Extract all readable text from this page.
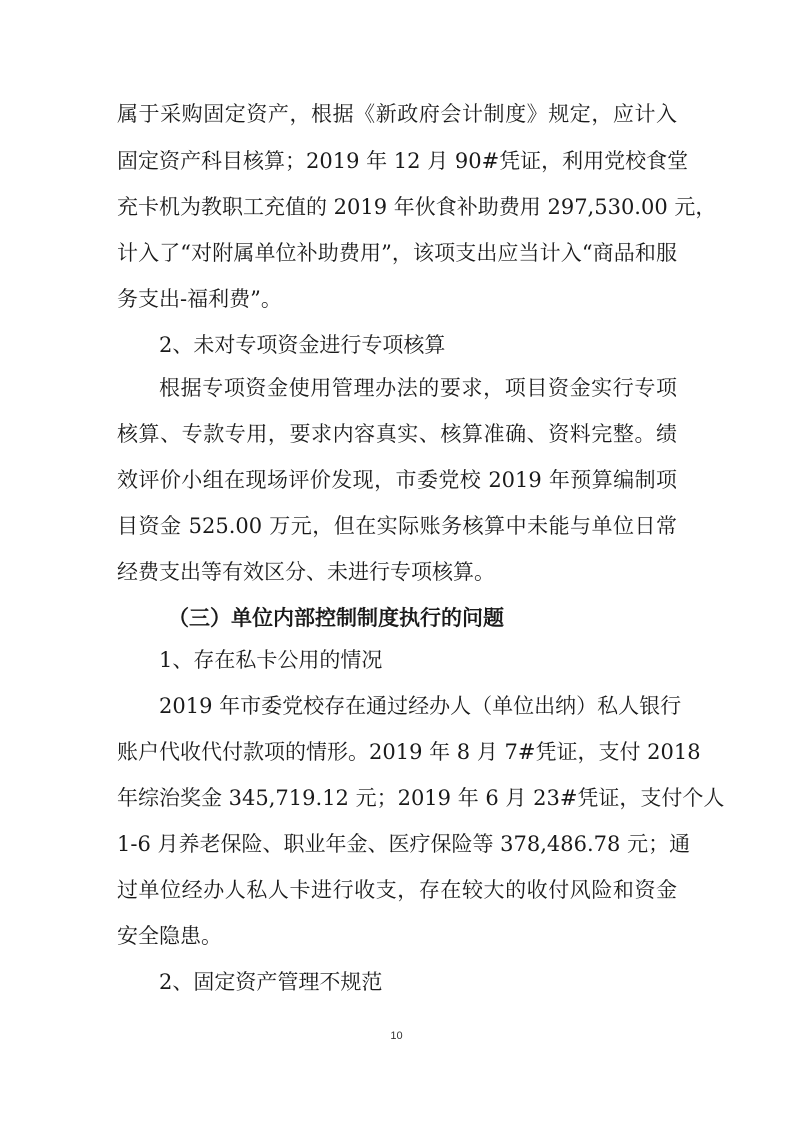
属于采购固定资产，根据《新政府会计制度》规定，应计入
固定资产科目核算；2019 年 12 月 90#凭证，利用党校食堂
充卡机为教职工充值的 2019 年伙食补助费用 297,530.00 元，
计入了“对附属单位补助费用”，该项支出应当计入“商品和服
务支出-福利费”。
2、未对专项资金进行专项核算
根据专项资金使用管理办法的要求，项目资金实行专项
核算、专款专用，要求内容真实、核算准确、资料完整。绩
效评价小组在现场评价发现，市委党校 2019 年预算编制项
目资金 525.00 万元，但在实际账务核算中未能与单位日常
经费支出等有效区分、未进行专项核算。
（三）单位内部控制制度执行的问题
1、存在私卡公用的情况
2019 年市委党校存在通过经办人（单位出纳）私人银行
账户代收代付款项的情形。2019 年 8 月 7#凭证，支付 2018
年综治奖金 345,719.12 元；2019 年 6 月 23#凭证，支付个人
1-6 月养老保险、职业年金、医疗保险等 378,486.78 元；通
过单位经办人私人卡进行收支，存在较大的收付风险和资金
安全隐患。
2、固定资产管理不规范
10
